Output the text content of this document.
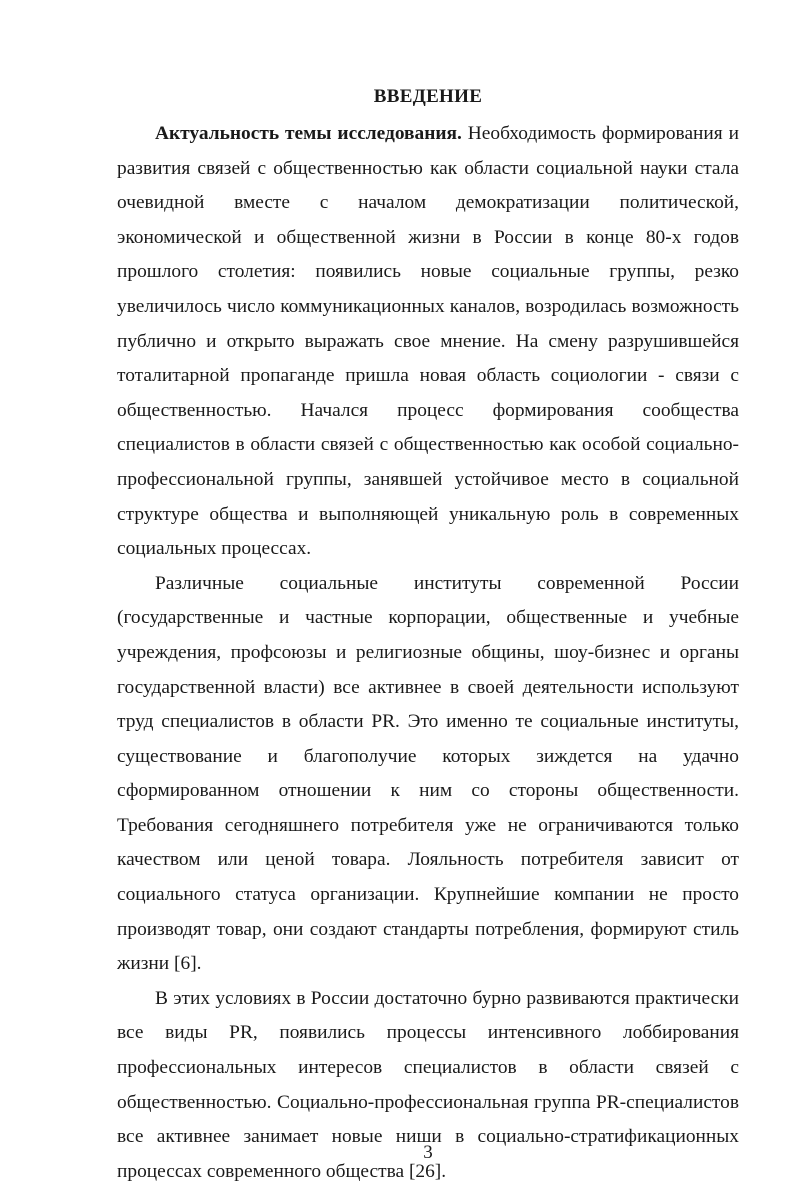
ВВЕДЕНИЕ

Актуальность темы исследования. Необходимость формирования и развития связей с общественностью как области социальной науки стала очевидной вместе с началом демократизации политической, экономической и общественной жизни в России в конце 80-х годов прошлого столетия: появились новые социальные группы, резко увеличилось число коммуникационных каналов, возродилась возможность публично и открыто выражать свое мнение. На смену разрушившейся тоталитарной пропаганде пришла новая область социологии - связи с общественностью. Начался процесс формирования сообщества специалистов в области связей с общественностью как особой социально-профессиональной группы, занявшей устойчивое место в социальной структуре общества и выполняющей уникальную роль в современных социальных процессах.

Различные социальные институты современной России (государственные и частные корпорации, общественные и учебные учреждения, профсоюзы и религиозные общины, шоу-бизнес и органы государственной власти) все активнее в своей деятельности используют труд специалистов в области PR. Это именно те социальные институты, существование и благополучие которых зиждется на удачно сформированном отношении к ним со стороны общественности. Требования сегодняшнего потребителя уже не ограничиваются только качеством или ценой товара. Лояльность потребителя зависит от социального статуса организации. Крупнейшие компании не просто производят товар, они создают стандарты потребления, формируют стиль жизни [6].

В этих условиях в России достаточно бурно развиваются практически все виды PR, появились процессы интенсивного лоббирования профессиональных интересов специалистов в области связей с общественностью. Социально-профессиональная группа PR-специалистов все активнее занимает новые ниши в социально-стратификационных процессах современного общества [26].

3
